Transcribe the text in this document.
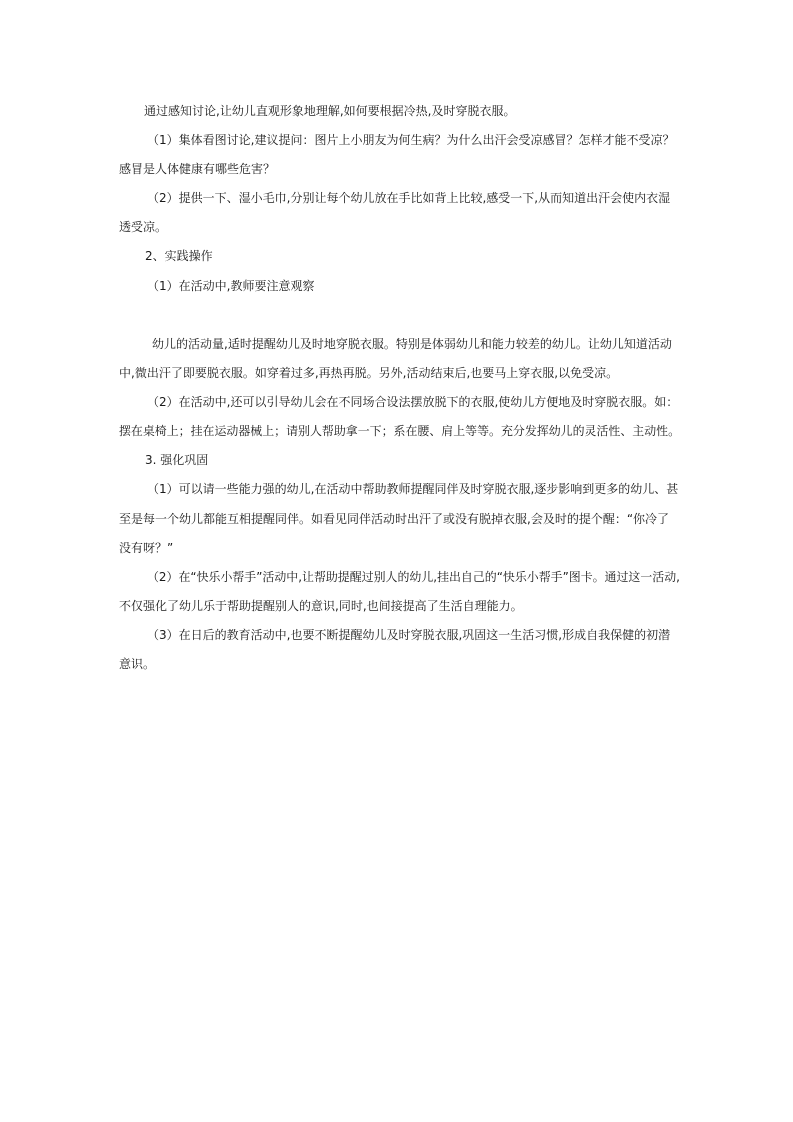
通过感知讨论,让幼儿直观形象地理解,如何要根据冷热,及时穿脱衣服。
（1）集体看图讨论,建议提问：图片上小朋友为何生病？为什么出汗会受凉感冒？怎样才能不受凉？
感冒是人体健康有哪些危害？
（2）提供一下、湿小毛巾,分别让每个幼儿放在手比如背上比较,感受一下,从而知道出汗会使内衣湿
透受凉。
2、实践操作
（1）在活动中,教师要注意观察
幼儿的活动量,适时提醒幼儿及时地穿脱衣服。特别是体弱幼儿和能力较差的幼儿。让幼儿知道活动
中,微出汗了即要脱衣服。如穿着过多,再热再脱。另外,活动结束后,也要马上穿衣服,以免受凉。
（2）在活动中,还可以引导幼儿会在不同场合设法摆放脱下的衣服,使幼儿方便地及时穿脱衣服。如：
摆在桌椅上；挂在运动器械上；请别人帮助拿一下；系在腰、肩上等等。充分发挥幼儿的灵活性、主动性。
3. 强化巩固
（1）可以请一些能力强的幼儿,在活动中帮助教师提醒同伴及时穿脱衣服,逐步影响到更多的幼儿、甚
至是每一个幼儿都能互相提醒同伴。如看见同伴活动时出汗了或没有脱掉衣服,会及时的提个醒：“你冷了
没有呀？”
（2）在“快乐小帮手”活动中,让帮助提醒过别人的幼儿,挂出自己的“快乐小帮手”图卡。通过这一活动,
不仅强化了幼儿乐于帮助提醒别人的意识,同时,也间接提高了生活自理能力。
（3）在日后的教育活动中,也要不断提醒幼儿及时穿脱衣服,巩固这一生活习惯,形成自我保健的初潜
意识。
